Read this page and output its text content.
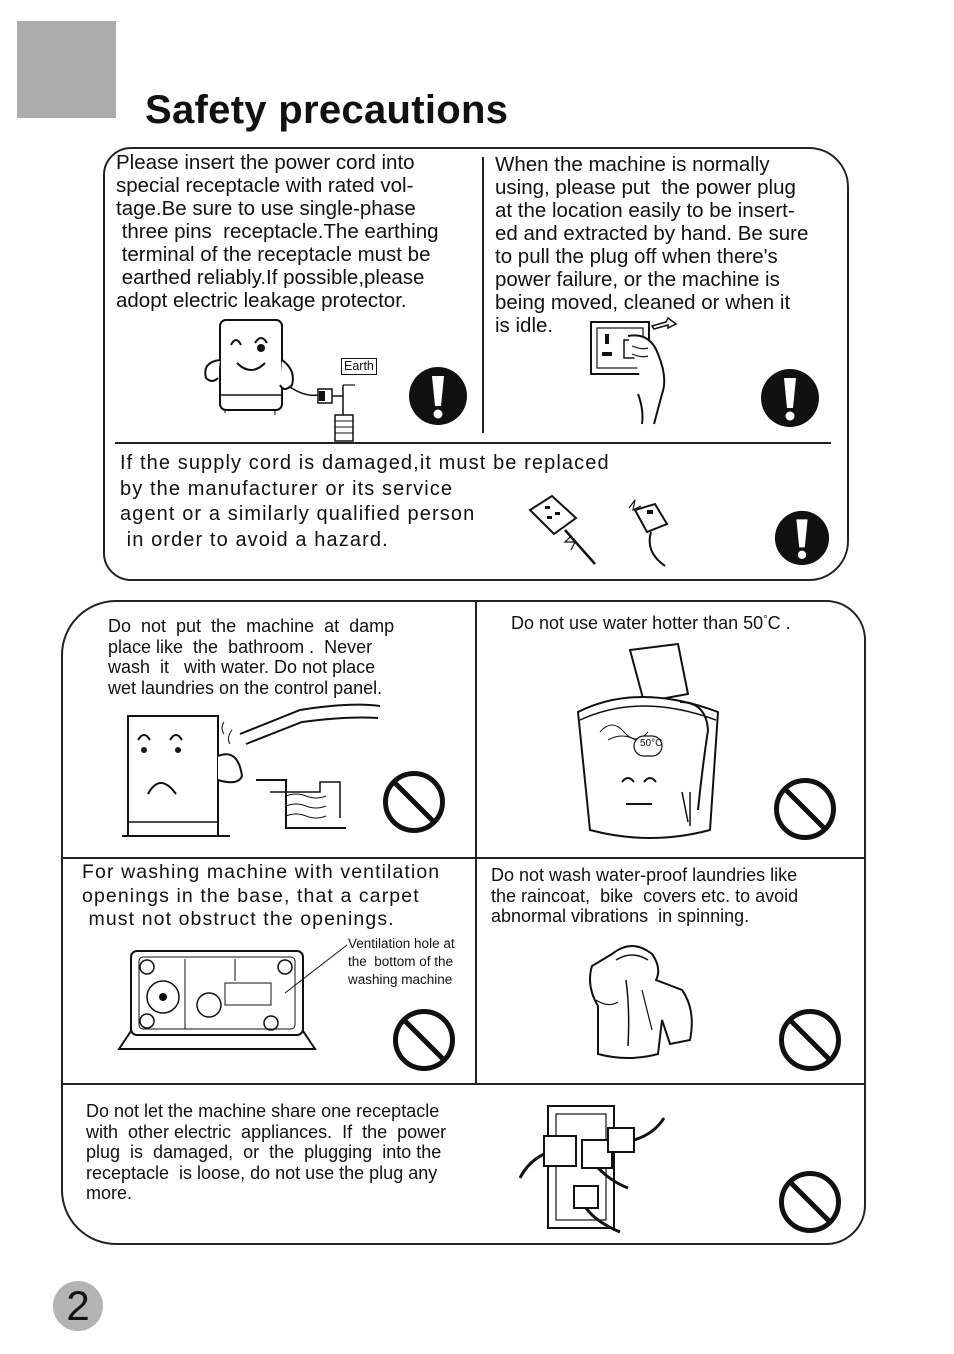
Safety precautions
Please insert the power cord into
special receptacle with rated vol-
tage.Be sure to use single-phase
three pins  receptacle.The earthing
terminal of the receptacle must be
earthed reliably.If possible,please
adopt electric leakage protector.
When the machine is normally
using, please put  the power plug
at the location easily to be insert-
ed and extracted by hand. Be sure
to pull the plug off when there's
power failure, or the machine is
being moved, cleaned or when it
is idle.
If the supply cord is damaged,it must be replaced
by the manufacturer or its service
agent or a similarly qualified person
in order to avoid a hazard.
Earth
Do  not  put  the  machine  at  damp
place like  the  bathroom .  Never
wash  it   with water. Do not place
wet laundries on the control panel.
Do not use water hotter than 50°C .
50°C
For washing machine with ventilation
openings in the base, that a carpet
must not obstruct the openings.
Ventilation hole at
the  bottom of the
washing machine
Do not wash water-proof laundries like
the raincoat,  bike  covers etc. to avoid
abnormal vibrations  in spinning.
Do not let the machine share one receptacle
with  other electric  appliances.  If  the  power
plug  is  damaged,  or  the  plugging  into the
receptacle  is loose, do not use the plug any
more.
2
